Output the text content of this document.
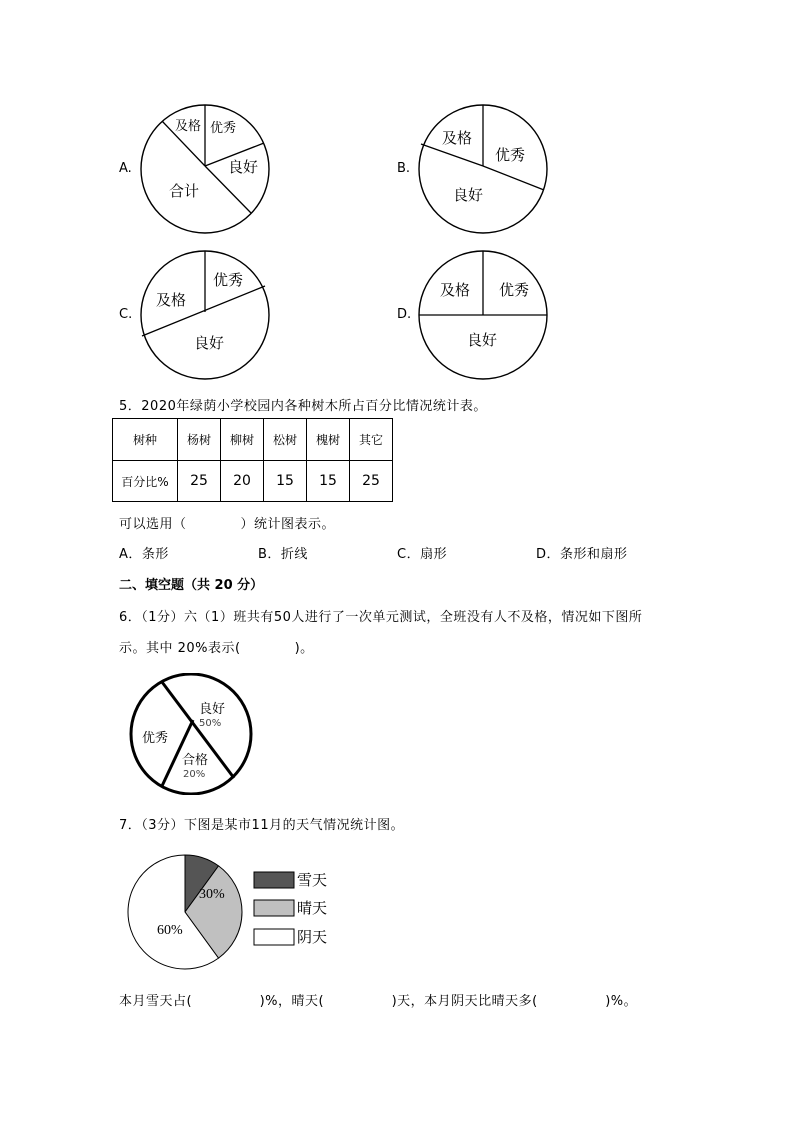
A.
及格 优秀
良好
合计
B.
及格
优秀
良好
C.
及格
优秀
良好
D.
及格 优秀
良好
5．2020年绿荫小学校园内各种树木所占百分比情况统计表。
树种	杨树	柳树	松树	槐树	其它
百分比%	25	20	15	15	25
可以选用（　　　　）统计图表示。
A．条形	B．折线	C．扇形	D．条形和扇形
二、填空题（共 20 分）
6．（1分）六（1）班共有50人进行了一次单元测试，全班没有人不及格，情况如下图所
示。其中 20%表示(　　　　)。
良好
50%
优秀
合格
20%
7．（3分）下图是某市11月的天气情况统计图。
10%
30%
60%
雪天
晴天
阴天
本月雪天占(　　　　　)%，晴天(　　　　　)天，本月阴天比晴天多(　　　　　)%。
